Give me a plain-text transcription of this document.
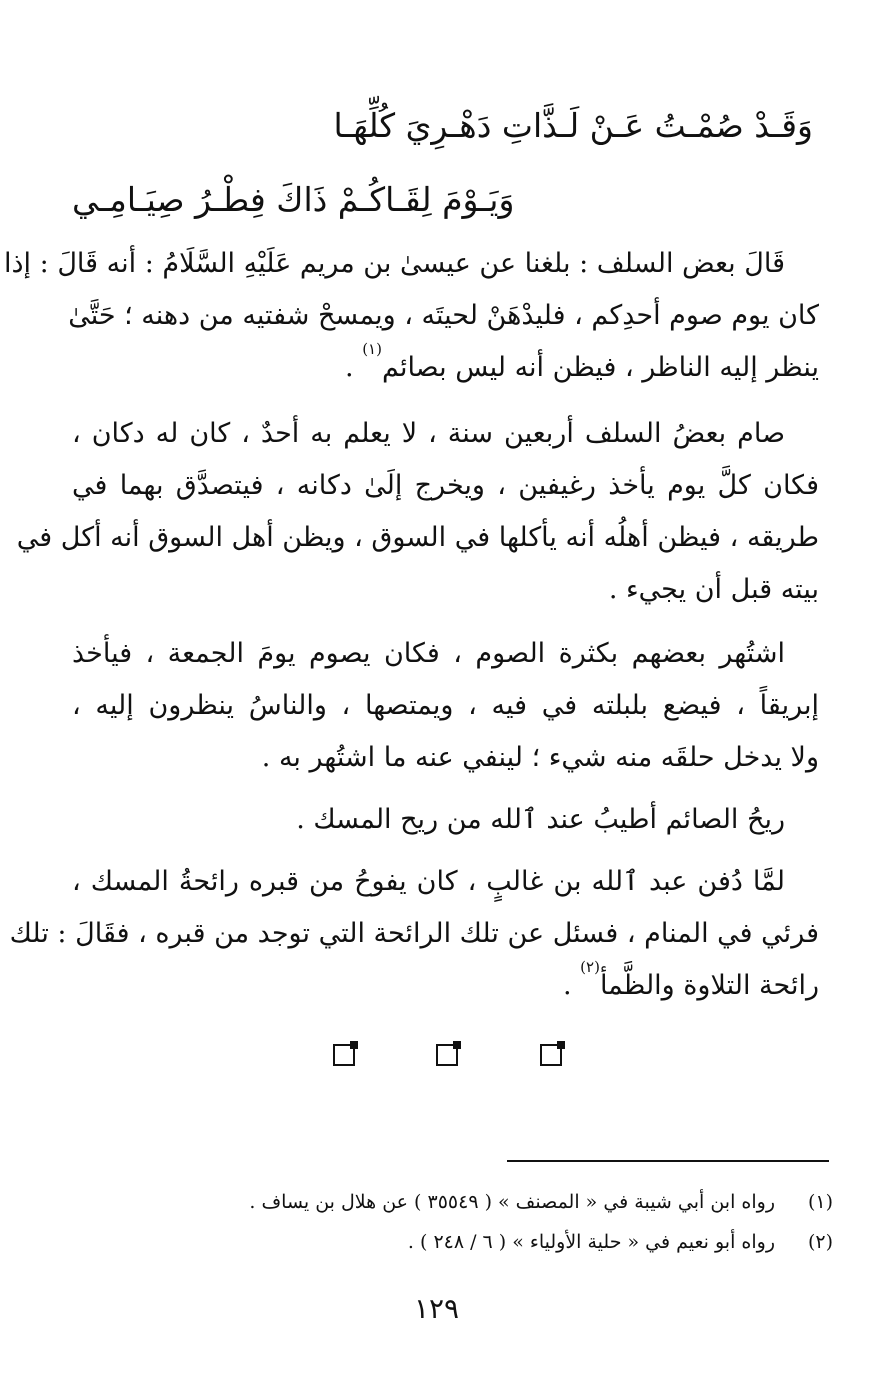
وَقَـدْ صُمْـتُ عَـنْ لَـذَّاتِ دَهْـرِيَ كُلِّهَـا
وَيَـوْمَ لِقَـاكُـمْ ذَاكَ فِطْـرُ صِيَـامِـي
قَالَ بعض السلف : بلغنا عن عيسىٰ بن مريم عَلَيْهِ السَّلَامُ : أنه قَالَ : إذا
كان يوم صوم أحدِكم ، فليدْهَنْ لحيتَه ، ويمسحْ شفتيه من دهنه ؛ حَتَّىٰ
ينظر إليه الناظر ، فيظن أنه ليس بصائم$^{(١)}$ .
صام بعضُ السلف أربعين سنة ، لا يعلم به أحدٌ ، كان له دكان ،
فكان كلَّ يوم يأخذ رغيفين ، ويخرج إلَىٰ دكانه ، فيتصدَّق بهما في
طريقه ، فيظن أهلُه أنه يأكلها في السوق ، ويظن أهل السوق أنه أكل في
بيته قبل أن يجيء .
اشتُهر بعضهم بكثرة الصوم ، فكان يصوم يومَ الجمعة ، فيأخذ
إبريقاً ، فيضع بلبلته في فيه ، ويمتصها ، والناسُ ينظرون إليه ،
ولا يدخل حلقَه منه شيء ؛ لينفي عنه ما اشتُهر به .
ريحُ الصائم أطيبُ عند ٱلله من ريح المسك .
لمَّا دُفن عبد ٱلله بن غالبٍ ، كان يفوحُ من قبره رائحةُ المسك ،
فرئي في المنام ، فسئل عن تلك الرائحة التي توجد من قبره ، فقَالَ : تلك
رائحة التلاوة والظَّمأ$^{(٢)}$ .
(١)
رواه ابن أبي شيبة في « المصنف » ( ٣٥٥٤٩ ) عن هلال بن يساف .
(٢)
رواه أبو نعيم في « حلية الأولياء » ( ٦ / ٢٤٨ ) .
١٢٩
